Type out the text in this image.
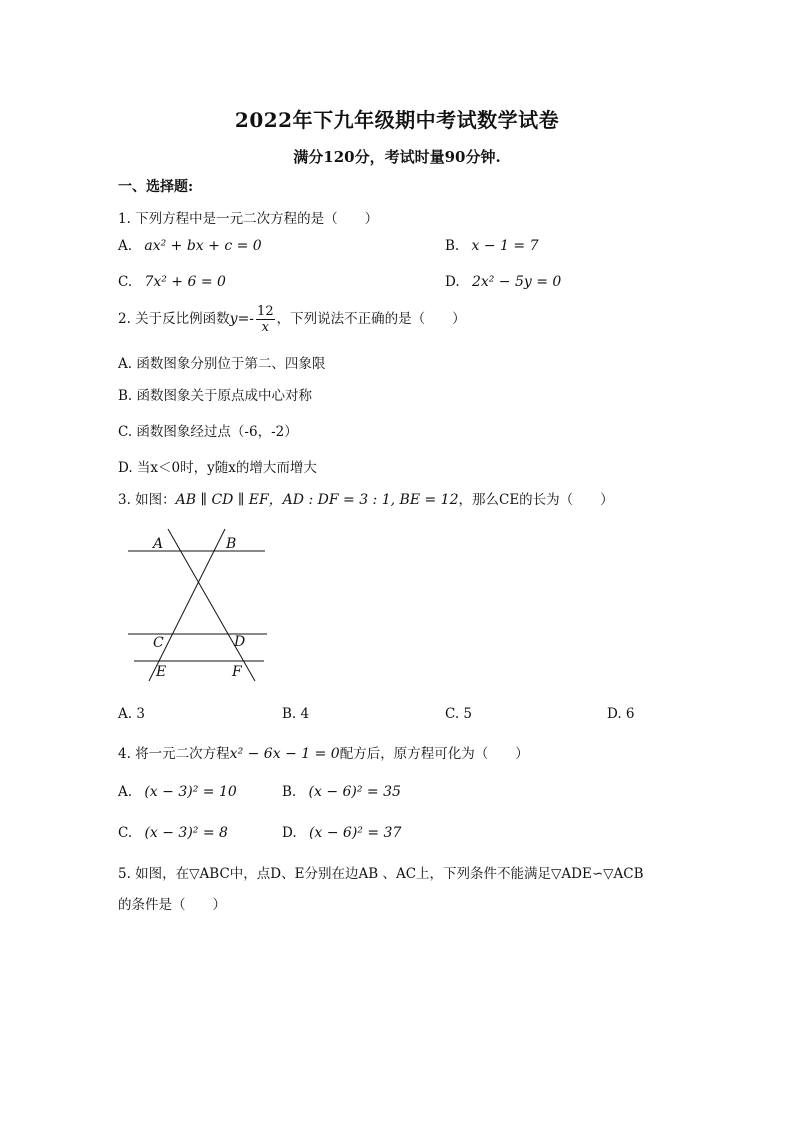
2022年下九年级期中考试数学试卷
满分120分，考试时量90分钟.
一、选择题:
1. 下列方程中是一元二次方程的是（　　）
A. ax² + bx + c = 0	B. x − 1 = 7
C. 7x² + 6 = 0	D. 2x² − 5y = 0
2. 关于反比例函数$y=- \frac{12}{x}$ ，下列说法不正确的是（　　）
A. 函数图象分别位于第二、四象限
B. 函数图象关于原点成中心对称
C. 函数图象经过点（-6，-2）
D. 当x＜0时，y随x的增大而增大
3. 如图：AB ∥ CD ∥ EF，AD : DF = 3 : 1, BE = 12，那么CE的长为（　　）
A	B
C	D
E	F
A. 3	B. 4	C. 5	D. 6
4. 将一元二次方程x² − 6x − 1 = 0配方后，原方程可化为（　　）
A. (x − 3)² = 10	B. (x − 6)² = 35
C. (x − 3)² = 8	D. (x − 6)² = 37
5. 如图，在▽ABC中，点D、E分别在边AB 、AC上，下列条件不能满足▽ADE∽▽ACB
的条件是（　　）
